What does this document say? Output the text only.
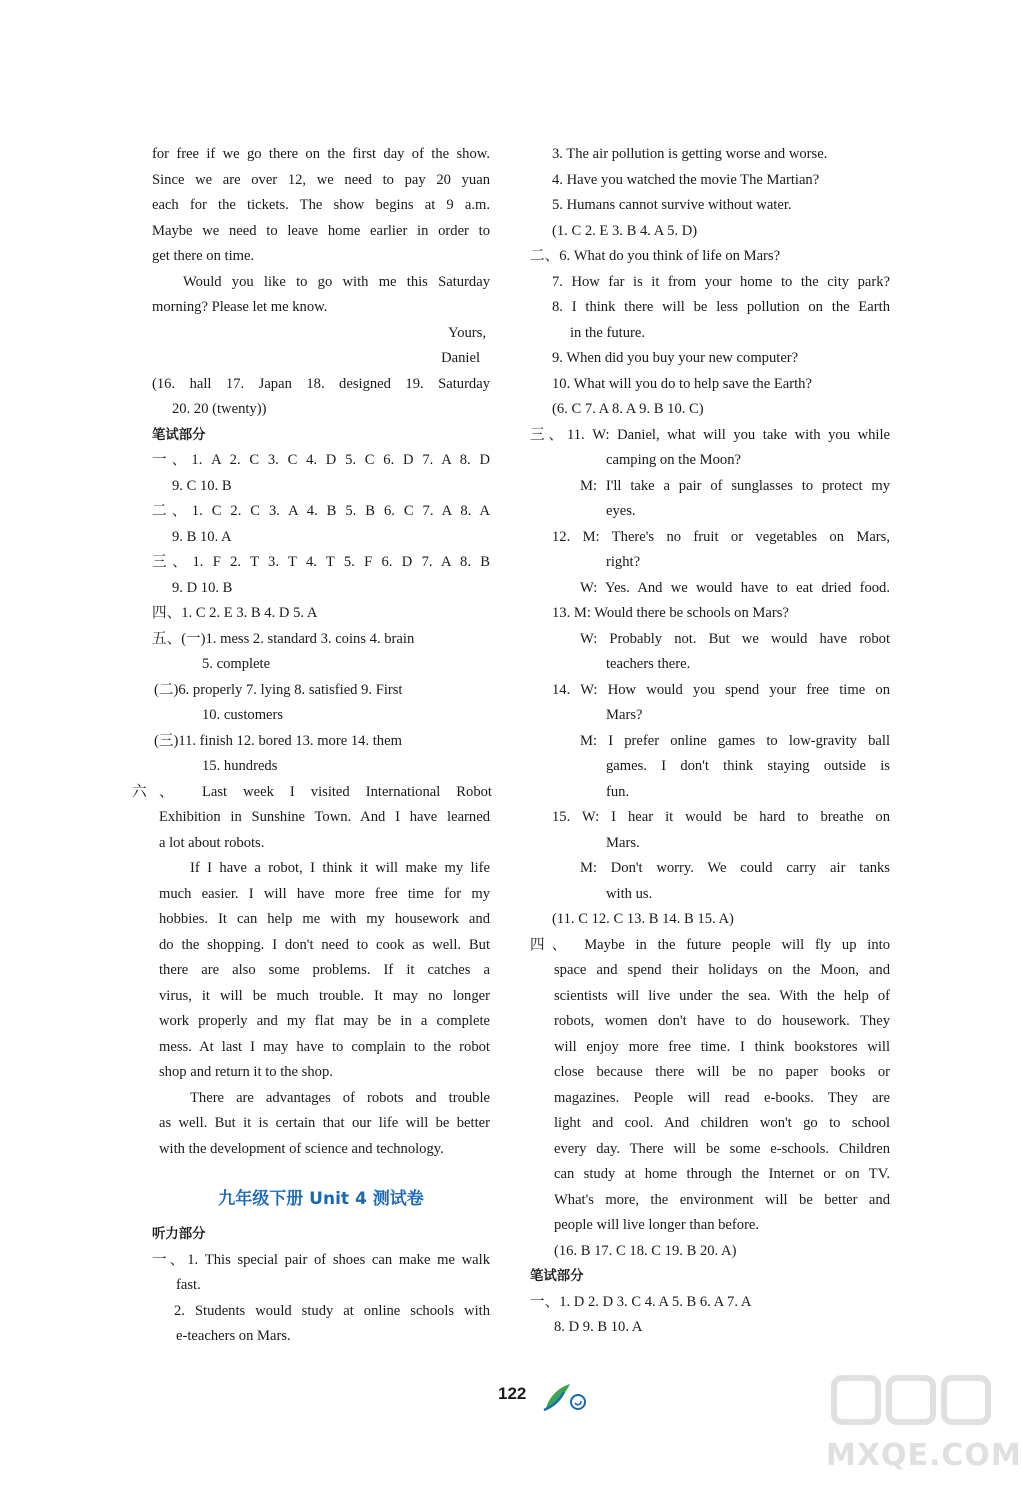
for free if we go there on the first day of the show.
Since we are over 12, we need to pay 20 yuan
each for the tickets. The show begins at 9 a.m.
Maybe we need to leave home earlier in order to
get there on time.
Would you like to go with me this Saturday
morning? Please let me know.
Yours,
Daniel
(16. hall 17. Japan 18. designed 19. Saturday
20. 20 (twenty))
笔试部分
一、1. A 2. C 3. C 4. D 5. C 6. D 7. A 8. D
9. C 10. B
二、1. C 2. C 3. A 4. B 5. B 6. C 7. A 8. A
9. B 10. A
三、1. F 2. T 3. T 4. T 5. F 6. D 7. A 8. B
9. D 10. B
四、1. C 2. E 3. B 4. D 5. A
五、(一)1. mess 2. standard 3. coins 4. brain
5. complete
(二)6. properly 7. lying 8. satisfied 9. First
10. customers
(三)11. finish 12. bored 13. more 14. them
15. hundreds
六、 Last week I visited International Robot
Exhibition in Sunshine Town. And I have learned
a lot about robots.
If I have a robot, I think it will make my life
much easier. I will have more free time for my
hobbies. It can help me with my housework and
do the shopping. I don't need to cook as well. But
there are also some problems. If it catches a
virus, it will be much trouble. It may no longer
work properly and my flat may be in a complete
mess. At last I may have to complain to the robot
shop and return it to the shop.
There are advantages of robots and trouble
as well. But it is certain that our life will be better
with the development of science and technology.
九年级下册 Unit 4 测试卷
听力部分
一、1. This special pair of shoes can make me walk
fast.
2. Students would study at online schools with
e-teachers on Mars.
3. The air pollution is getting worse and worse.
4. Have you watched the movie The Martian?
5. Humans cannot survive without water.
(1. C 2. E 3. B 4. A 5. D)
二、6. What do you think of life on Mars?
7. How far is it from your home to the city park?
8. I think there will be less pollution on the Earth
in the future.
9. When did you buy your new computer?
10. What will you do to help save the Earth?
(6. C 7. A 8. A 9. B 10. C)
三、11. W: Daniel, what will you take with you while
camping on the Moon?
M: I'll take a pair of sunglasses to protect my
eyes.
12. M: There's no fruit or vegetables on Mars,
right?
W: Yes. And we would have to eat dried food.
13. M: Would there be schools on Mars?
W: Probably not. But we would have robot
teachers there.
14. W: How would you spend your free time on
Mars?
M: I prefer online games to low-gravity ball
games. I don't think staying outside is
fun.
15. W: I hear it would be hard to breathe on
Mars.
M: Don't worry. We could carry air tanks
with us.
(11. C 12. C 13. B 14. B 15. A)
四、 Maybe in the future people will fly up into
space and spend their holidays on the Moon, and
scientists will live under the sea. With the help of
robots, women don't have to do housework. They
will enjoy more free time. I think bookstores will
close because there will be no paper books or
magazines. People will read e-books. They are
light and cool. And children won't go to school
every day. There will be some e-schools. Children
can study at home through the Internet or on TV.
What's more, the environment will be better and
people will live longer than before.
(16. B 17. C 18. C 19. B 20. A)
笔试部分
一、1. D 2. D 3. C 4. A 5. B 6. A 7. A
8. D 9. B 10. A
122
MXQE.COM
